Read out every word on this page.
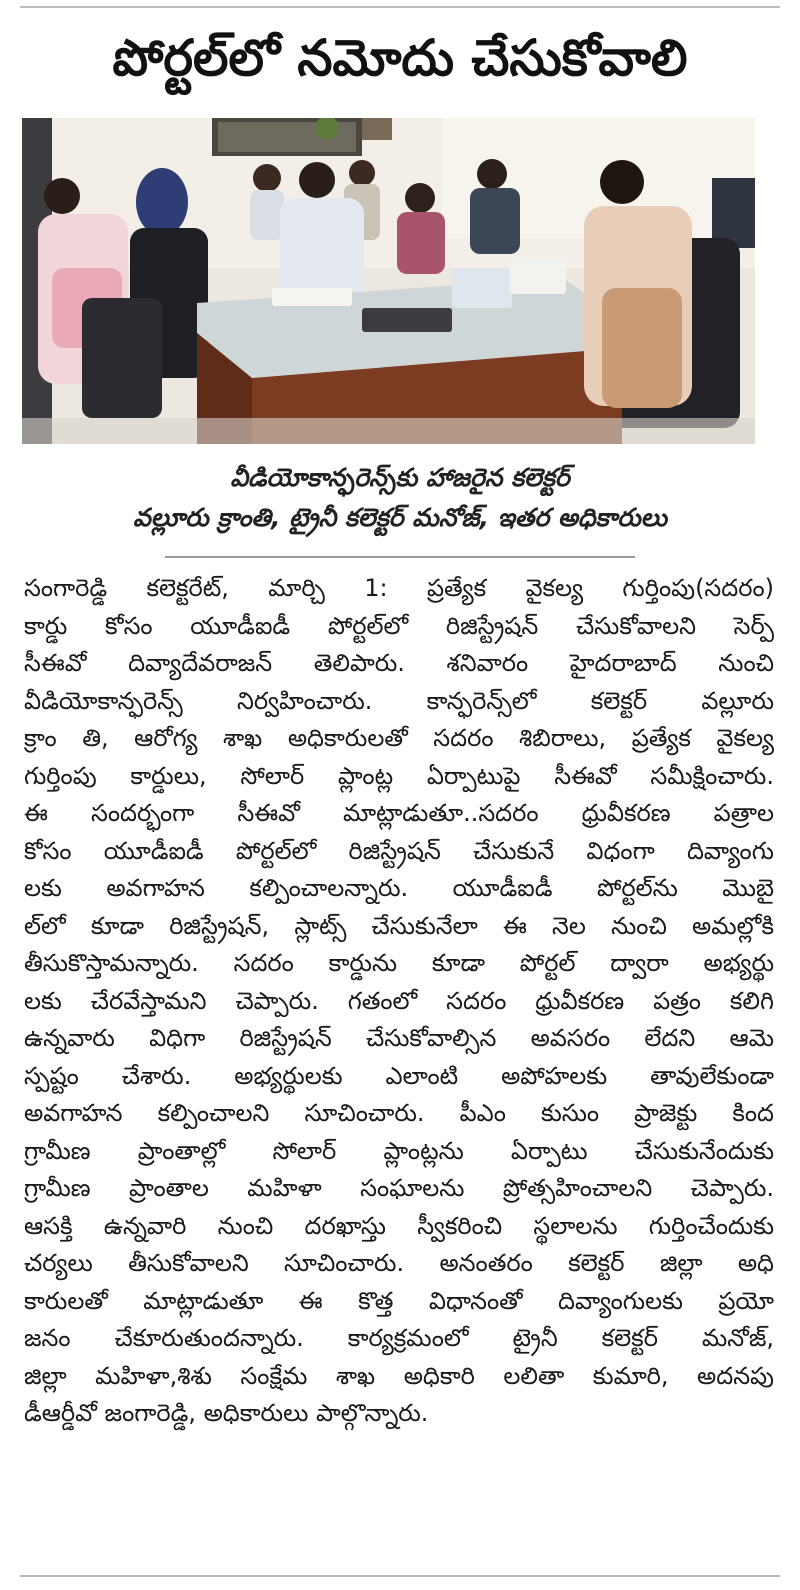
పోర్టల్‌లో నమోదు చేసుకోవాలి
వీడియోకాన్ఫరెన్స్‌కు హాజరైన కలెక్టర్
వల్లూరు క్రాంతి, ట్రైనీ కలెక్టర్ మనోజ్, ఇతర అధికారులు
సంగారెడ్డి కలెక్టరేట్, మార్చి 1: ప్రత్యేక వైకల్య గుర్తింపు(సదరం)
కార్డు కోసం యూడీఐడీ పోర్టల్‌లో రిజిస్ట్రేషన్ చేసుకోవాలని సెర్ప్
సీఈవో దివ్యాదేవరాజన్ తెలిపారు. శనివారం హైదరాబాద్ నుంచి
వీడియోకాన్ఫరెన్స్ నిర్వహించారు. కాన్ఫరెన్స్‌లో కలెక్టర్ వల్లూరు
క్రాం తి, ఆరోగ్య శాఖ అధికారులతో సదరం శిబిరాలు, ప్రత్యేక వైకల్య
గుర్తింపు కార్డులు, సోలార్ ప్లాంట్ల ఏర్పాటుపై సీఈవో సమీక్షించారు.
ఈ సందర్భంగా సీఈవో మాట్లాడుతూ..సదరం ధ్రువీకరణ పత్రాల
కోసం యూడీఐడీ పోర్టల్‌లో రిజిస్ట్రేషన్ చేసుకునే విధంగా దివ్యాంగు
లకు అవగాహన కల్పించాలన్నారు. యూడీఐడీ పోర్టల్‌ను మొబై
ల్‌లో కూడా రిజిస్ట్రేషన్, స్లాట్స్ చేసుకునేలా ఈ నెల నుంచి అమల్లోకి
తీసుకొస్తామన్నారు. సదరం కార్డును కూడా పోర్టల్ ద్వారా అభ్యర్థు
లకు చేరవేస్తామని చెప్పారు. గతంలో సదరం ధ్రువీకరణ పత్రం కలిగి
ఉన్నవారు విధిగా రిజిస్ట్రేషన్ చేసుకోవాల్సిన అవసరం లేదని ఆమె
స్పష్టం చేశారు. అభ్యర్థులకు ఎలాంటి అపోహలకు తావులేకుండా
అవగాహన కల్పించాలని సూచించారు. పీఎం కుసుం ప్రాజెక్టు కింద
గ్రామీణ ప్రాంతాల్లో సోలార్ ప్లాంట్లను ఏర్పాటు చేసుకునేందుకు
గ్రామీణ ప్రాంతాల మహిళా సంఘాలను ప్రోత్సహించాలని చెప్పారు.
ఆసక్తి ఉన్నవారి నుంచి దరఖాస్తు స్వీకరించి స్థలాలను గుర్తించేందుకు
చర్యలు తీసుకోవాలని సూచించారు. అనంతరం కలెక్టర్ జిల్లా అధి
కారులతో మాట్లాడుతూ ఈ కొత్త విధానంతో దివ్యాంగులకు ప్రయో
జనం చేకూరుతుందన్నారు. కార్యక్రమంలో ట్రైనీ కలెక్టర్ మనోజ్,
జిల్లా మహిళా,శిశు సంక్షేమ శాఖ అధికారి లలితా కుమారి, అదనపు
డీఆర్డీవో జంగారెడ్డి, అధికారులు పాల్గొన్నారు.
